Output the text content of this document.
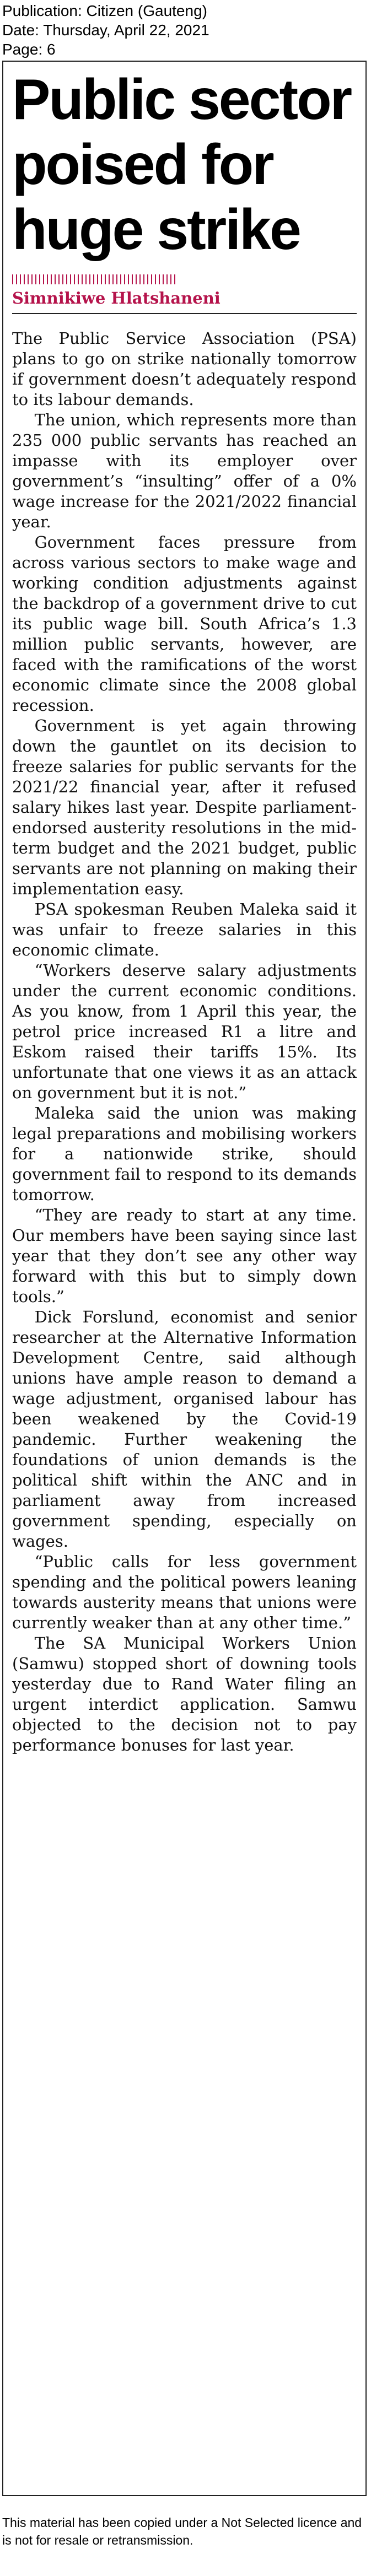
Publication: Citizen (Gauteng)
Date: Thursday, April 22, 2021
Page: 6
Public sector poised for huge strike
Simnikiwe Hlatshaneni

The Public Service Association (PSA) plans to go on strike nationally tomorrow if government doesn’t adequately respond to its labour demands.

The union, which represents more than 235 000 public servants has reached an impasse with its employer over government’s “insulting” offer of a 0% wage increase for the 2021/2022 financial year.

Government faces pressure from across various sectors to make wage and working condition adjustments against the backdrop of a government drive to cut its public wage bill. South Africa’s 1.3 million public servants, however, are faced with the ramifications of the worst economic climate since the 2008 global recession.

Government is yet again throwing down the gauntlet on its decision to freeze salaries for public servants for the 2021/22 financial year, after it refused salary hikes last year. Despite parliament-endorsed austerity resolutions in the mid-term budget and the 2021 budget, public servants are not planning on making their implementation easy.

PSA spokesman Reuben Maleka said it was unfair to freeze salaries in this economic climate.

“Workers deserve salary adjustments under the current economic conditions. As you know, from 1 April this year, the petrol price increased R1 a litre and Eskom raised their tariffs 15%. Its unfortunate that one views it as an attack on government but it is not.”

Maleka said the union was making legal preparations and mobilising workers for a nationwide strike, should government fail to respond to its demands tomorrow.

“They are ready to start at any time. Our members have been saying since last year that they don’t see any other way forward with this but to simply down tools.”

Dick Forslund, economist and senior researcher at the Alternative Information Development Centre, said although unions have ample reason to demand a wage adjustment, organised labour has been weakened by the Covid-19 pandemic. Further weakening the foundations of union demands is the political shift within the ANC and in parliament away from increased government spending, especially on wages.

“Public calls for less government spending and the political powers leaning towards austerity means that unions were currently weaker than at any other time.”

The SA Municipal Workers Union (Samwu) stopped short of downing tools yesterday due to Rand Water filing an urgent interdict application. Samwu objected to the decision not to pay performance bonuses for last year.

This material has been copied under a Not Selected licence and is not for resale or retransmission.
